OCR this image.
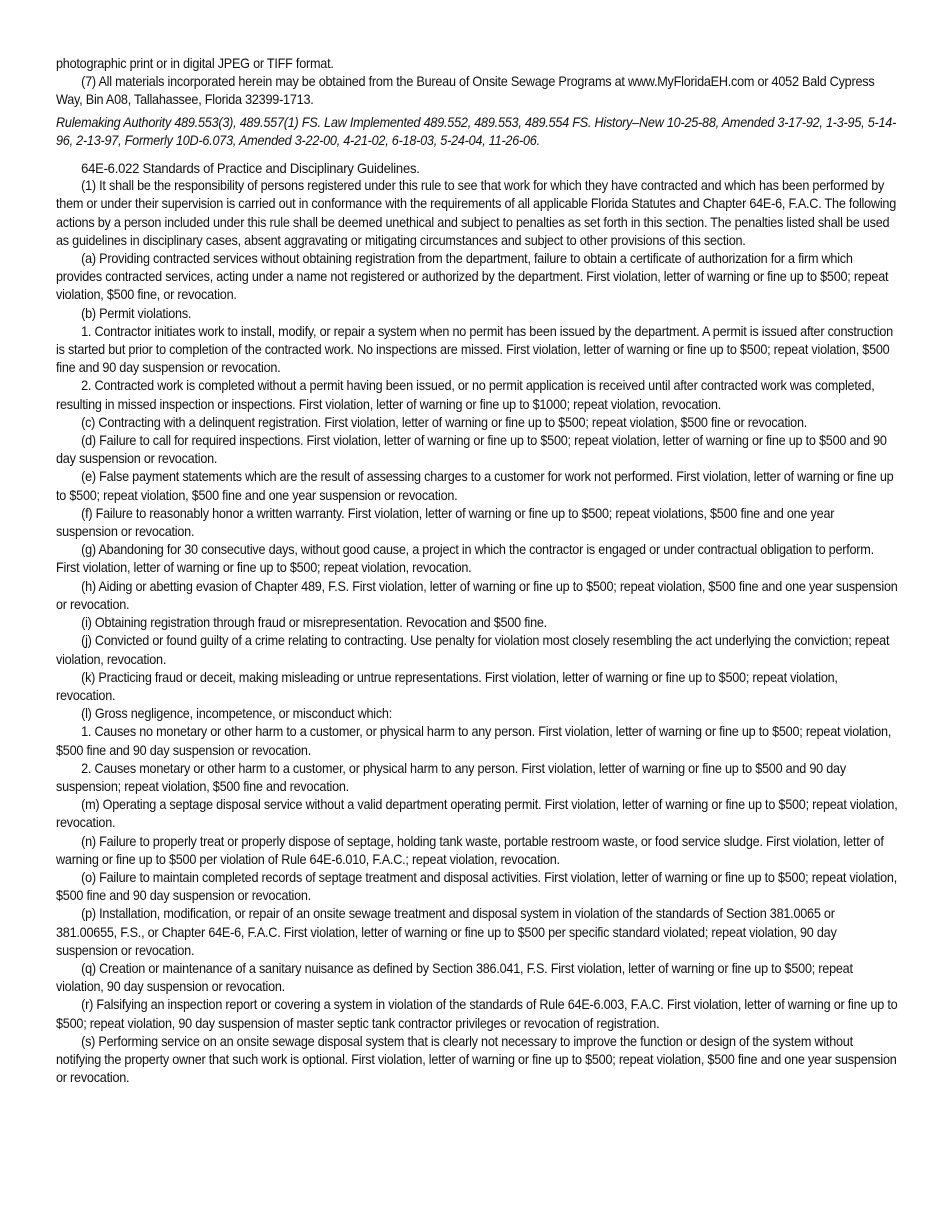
photographic print or in digital JPEG or TIFF format.

(7) All materials incorporated herein may be obtained from the Bureau of Onsite Sewage Programs at www.MyFloridaEH.com or 4052 Bald Cypress Way, Bin A08, Tallahassee, Florida 32399-1713.

Rulemaking Authority 489.553(3), 489.557(1) FS. Law Implemented 489.552, 489.553, 489.554 FS. History–New 10-25-88, Amended 3-17-92, 1-3-95, 5-14-96, 2-13-97, Formerly 10D-6.073, Amended 3-22-00, 4-21-02, 6-18-03, 5-24-04, 11-26-06.

64E-6.022 Standards of Practice and Disciplinary Guidelines.

(1) It shall be the responsibility of persons registered under this rule to see that work for which they have contracted and which has been performed by them or under their supervision is carried out in conformance with the requirements of all applicable Florida Statutes and Chapter 64E-6, F.A.C. The following actions by a person included under this rule shall be deemed unethical and subject to penalties as set forth in this section. The penalties listed shall be used as guidelines in disciplinary cases, absent aggravating or mitigating circumstances and subject to other provisions of this section.

(a) Providing contracted services without obtaining registration from the department, failure to obtain a certificate of authorization for a firm which provides contracted services, acting under a name not registered or authorized by the department. First violation, letter of warning or fine up to $500; repeat violation, $500 fine, or revocation.

(b) Permit violations.

1. Contractor initiates work to install, modify, or repair a system when no permit has been issued by the department. A permit is issued after construction is started but prior to completion of the contracted work. No inspections are missed. First violation, letter of warning or fine up to $500; repeat violation, $500 fine and 90 day suspension or revocation.

2. Contracted work is completed without a permit having been issued, or no permit application is received until after contracted work was completed, resulting in missed inspection or inspections. First violation, letter of warning or fine up to $1000; repeat violation, revocation.

(c) Contracting with a delinquent registration. First violation, letter of warning or fine up to $500; repeat violation, $500 fine or revocation.

(d) Failure to call for required inspections. First violation, letter of warning or fine up to $500; repeat violation, letter of warning or fine up to $500 and 90 day suspension or revocation.

(e) False payment statements which are the result of assessing charges to a customer for work not performed. First violation, letter of warning or fine up to $500; repeat violation, $500 fine and one year suspension or revocation.

(f) Failure to reasonably honor a written warranty. First violation, letter of warning or fine up to $500; repeat violations, $500 fine and one year suspension or revocation.

(g) Abandoning for 30 consecutive days, without good cause, a project in which the contractor is engaged or under contractual obligation to perform. First violation, letter of warning or fine up to $500; repeat violation, revocation.

(h) Aiding or abetting evasion of Chapter 489, F.S. First violation, letter of warning or fine up to $500; repeat violation, $500 fine and one year suspension or revocation.

(i) Obtaining registration through fraud or misrepresentation. Revocation and $500 fine.

(j) Convicted or found guilty of a crime relating to contracting. Use penalty for violation most closely resembling the act underlying the conviction; repeat violation, revocation.

(k) Practicing fraud or deceit, making misleading or untrue representations. First violation, letter of warning or fine up to $500; repeat violation, revocation.

(l) Gross negligence, incompetence, or misconduct which:

1. Causes no monetary or other harm to a customer, or physical harm to any person. First violation, letter of warning or fine up to $500; repeat violation, $500 fine and 90 day suspension or revocation.

2. Causes monetary or other harm to a customer, or physical harm to any person. First violation, letter of warning or fine up to $500 and 90 day suspension; repeat violation, $500 fine and revocation.

(m) Operating a septage disposal service without a valid department operating permit. First violation, letter of warning or fine up to $500; repeat violation, revocation.

(n) Failure to properly treat or properly dispose of septage, holding tank waste, portable restroom waste, or food service sludge. First violation, letter of warning or fine up to $500 per violation of Rule 64E-6.010, F.A.C.; repeat violation, revocation.

(o) Failure to maintain completed records of septage treatment and disposal activities. First violation, letter of warning or fine up to $500; repeat violation, $500 fine and 90 day suspension or revocation.

(p) Installation, modification, or repair of an onsite sewage treatment and disposal system in violation of the standards of Section 381.0065 or 381.00655, F.S., or Chapter 64E-6, F.A.C. First violation, letter of warning or fine up to $500 per specific standard violated; repeat violation, 90 day suspension or revocation.

(q) Creation or maintenance of a sanitary nuisance as defined by Section 386.041, F.S. First violation, letter of warning or fine up to $500; repeat violation, 90 day suspension or revocation.

(r) Falsifying an inspection report or covering a system in violation of the standards of Rule 64E-6.003, F.A.C. First violation, letter of warning or fine up to $500; repeat violation, 90 day suspension of master septic tank contractor privileges or revocation of registration.

(s) Performing service on an onsite sewage disposal system that is clearly not necessary to improve the function or design of the system without notifying the property owner that such work is optional. First violation, letter of warning or fine up to $500; repeat violation, $500 fine and one year suspension or revocation.
